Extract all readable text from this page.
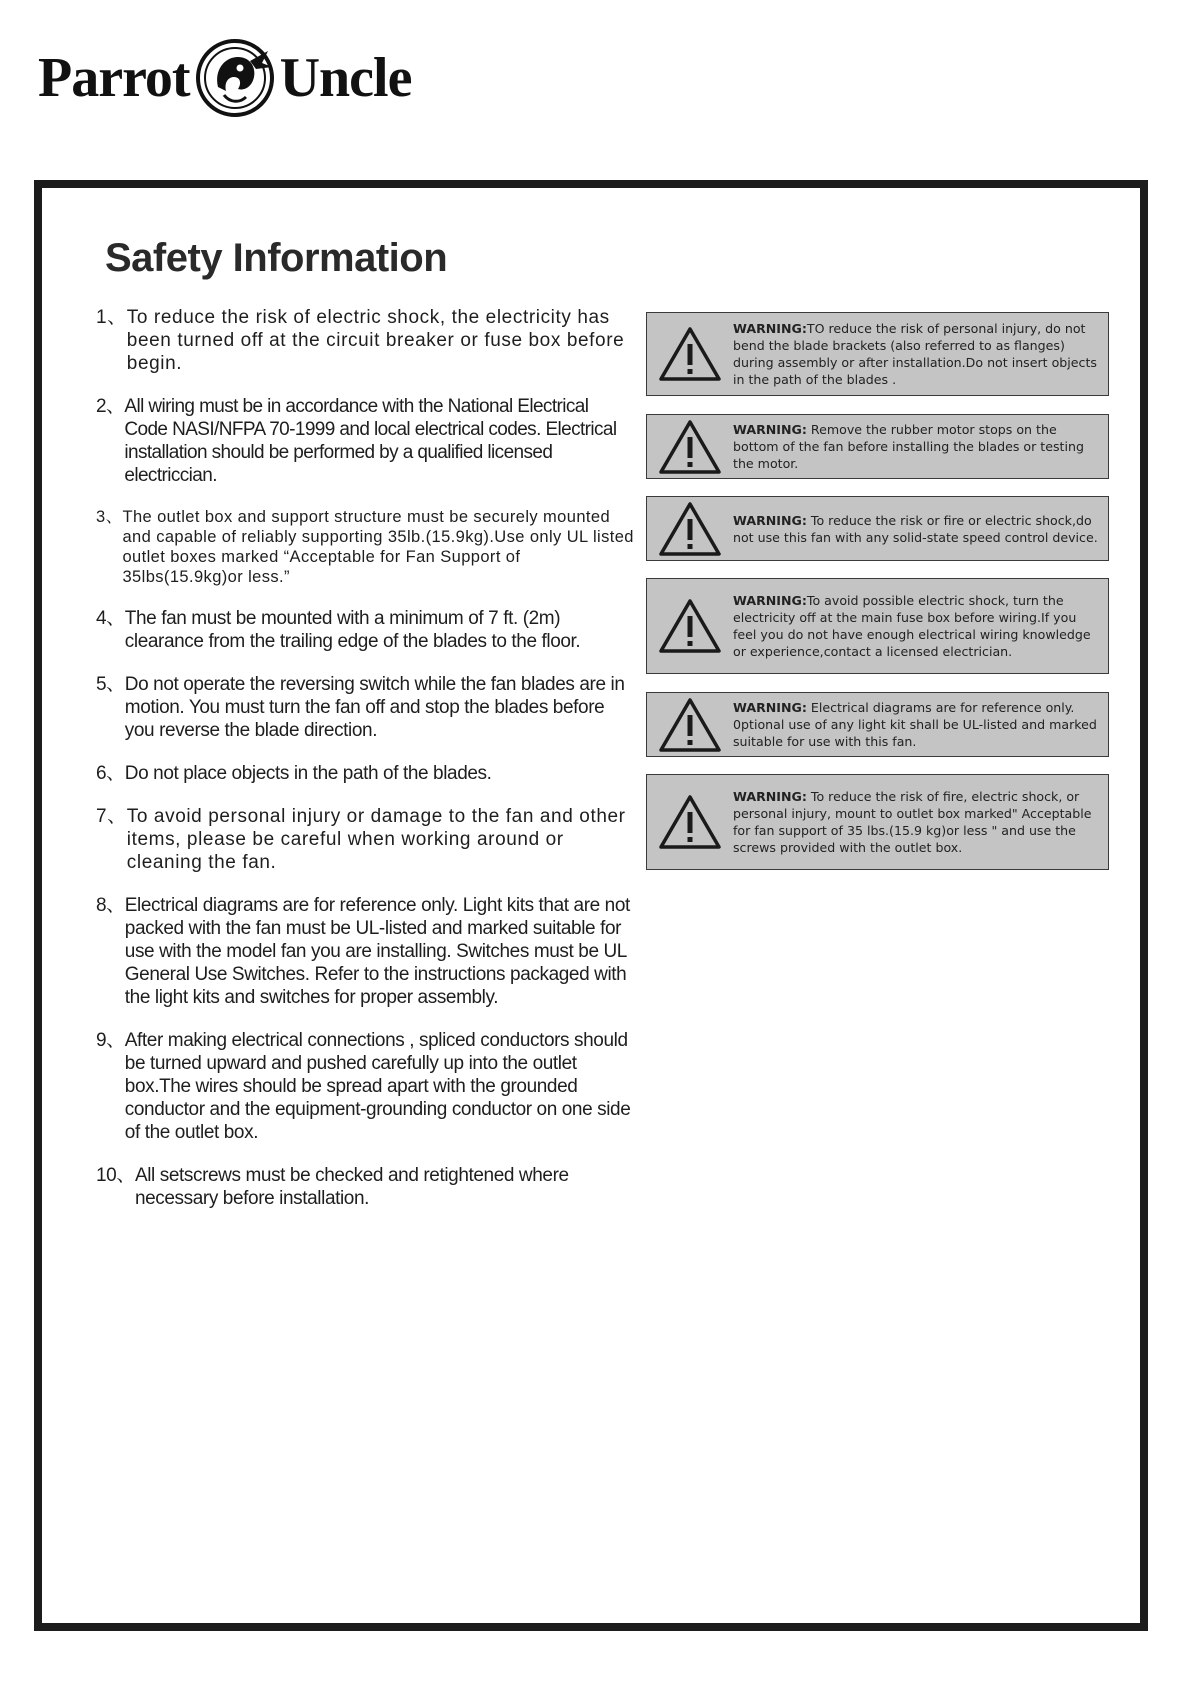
Parrot Uncle
Safety Information
1、 To reduce the risk of electric shock, the electricity has been turned off at the circuit breaker or fuse box before begin.
2、 All wiring must be in accordance with the National Electrical Code NASI/NFPA 70-1999 and local electrical codes. Electrical installation should be performed by a qualified licensed electriccian.
3、 The outlet box and support structure must be securely mounted and capable of reliably supporting 35lb.(15.9kg).Use only UL listed outlet boxes marked “Acceptable for Fan Support of 35lbs(15.9kg)or less.”
4、 The fan must be mounted with a minimum of 7 ft. (2m) clearance from the trailing edge of the blades to the floor.
5、 Do not operate the reversing switch while the fan blades are in motion. You must turn the fan off and stop the blades before you reverse the blade direction.
6、 Do not place objects in the path of the blades.
7、 To avoid personal injury or damage to the fan and other items, please be careful when working around or cleaning the fan.
8、 Electrical diagrams are for reference only. Light kits that are not packed with the fan must be UL-listed and marked suitable for use with the model fan you are installing. Switches must be UL General Use Switches. Refer to the instructions packaged with the light kits and switches for proper assembly.
9、 After making electrical connections , spliced conductors should be turned upward and pushed carefully up into the outlet box.The wires should be spread apart with the grounded conductor and the equipment-grounding conductor on one side of the outlet box.
10、 All setscrews must be checked and retightened where necessary before installation.
WARNING:TO reduce the risk of personal injury, do not bend the blade brackets (also referred to as flanges) during assembly or after installation.Do not insert objects in the path of the blades .
WARNING: Remove the rubber motor stops on the bottom of the fan before installing the blades or testing the motor.
WARNING: To reduce the risk or fire or electric shock,do not use this fan with any solid-state speed control device.
WARNING:To avoid possible electric shock, turn the electricity off at the main fuse box before wiring.If you feel you do not have enough electrical wiring knowledge or experience,contact a licensed electrician.
WARNING: Electrical diagrams are for reference only. 0ptional use of any light kit shall be UL-listed and marked suitable for use with this fan.
WARNING: To reduce the risk of fire, electric shock, or personal injury, mount to outlet box marked" Acceptable for fan support of 35 lbs.(15.9 kg)or less " and use the screws provided with the outlet box.
